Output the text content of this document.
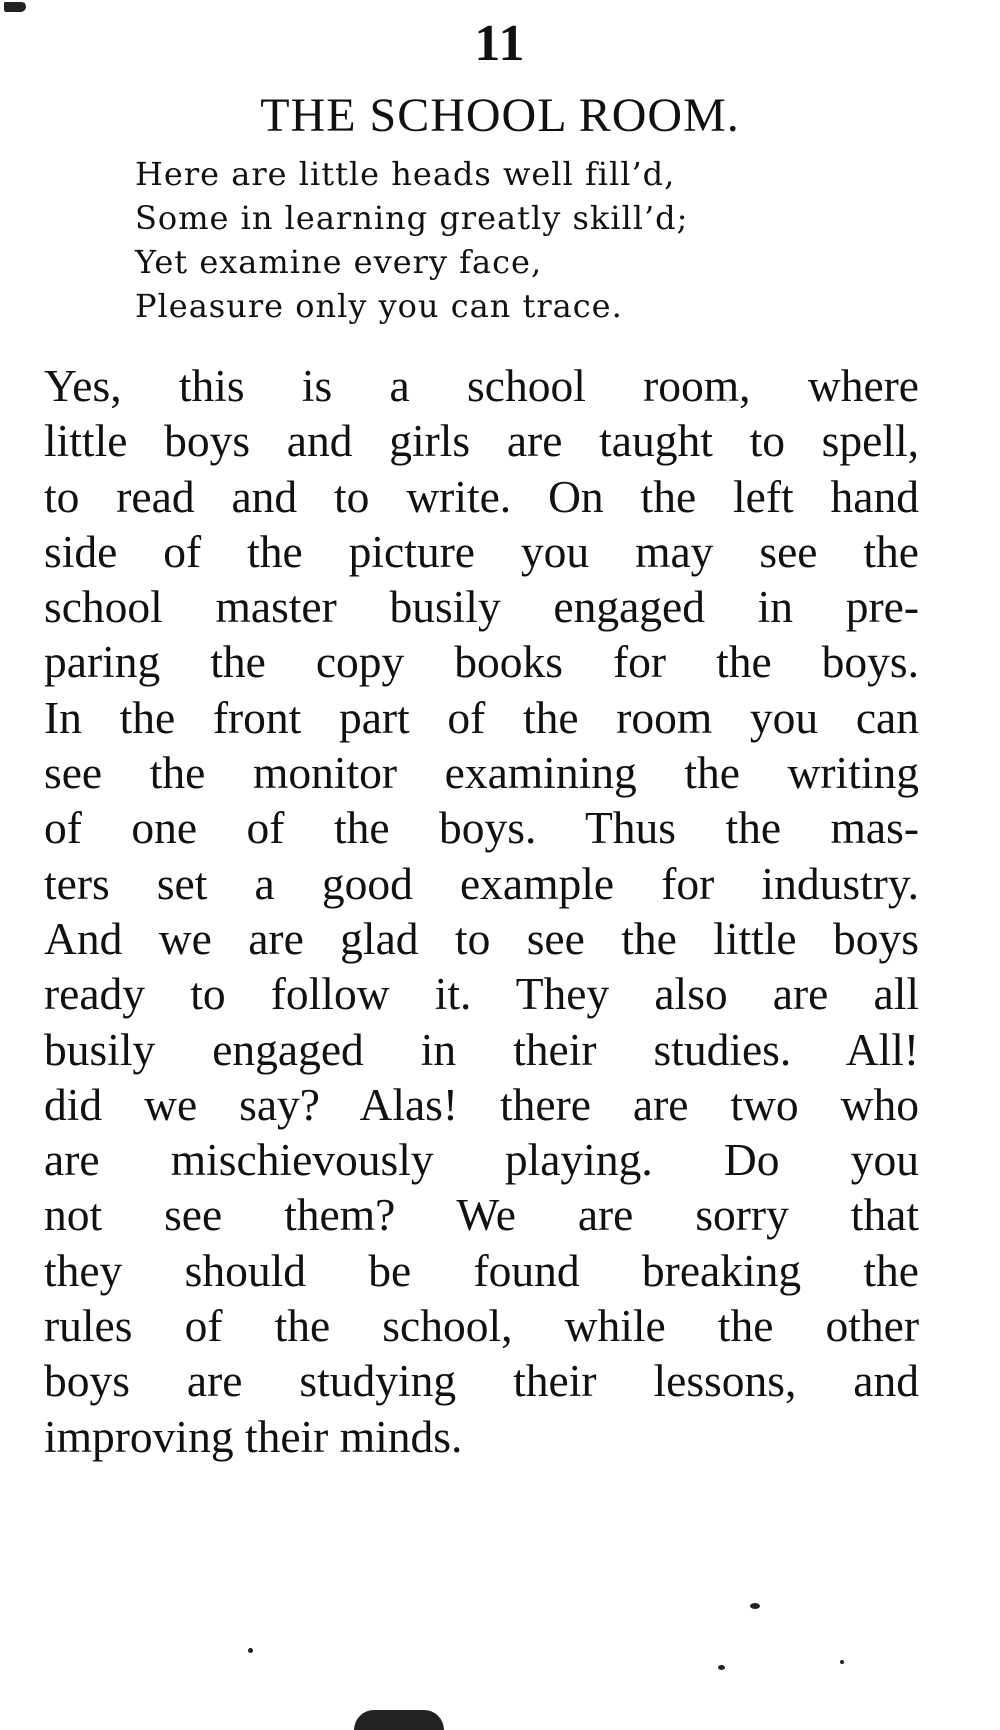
11
THE SCHOOL ROOM.
Here are little heads well fill’d,
Some in learning greatly skill’d;
Yet examine every face,
Pleasure only you can trace.
Yes, this is a school room, where
little boys and girls are taught to spell,
to read and to write. On the left hand
side of the picture you may see the
school master busily engaged in pre-
paring the copy books for the boys.
In the front part of the room you can
see the monitor examining the writing
of one of the boys. Thus the mas-
ters set a good example for industry.
And we are glad to see the little boys
ready to follow it. They also are all
busily engaged in their studies. All!
did we say? Alas! there are two who
are mischievously playing. Do you
not see them? We are sorry that
they should be found breaking the
rules of the school, while the other
boys are studying their lessons, and
improving their minds.
